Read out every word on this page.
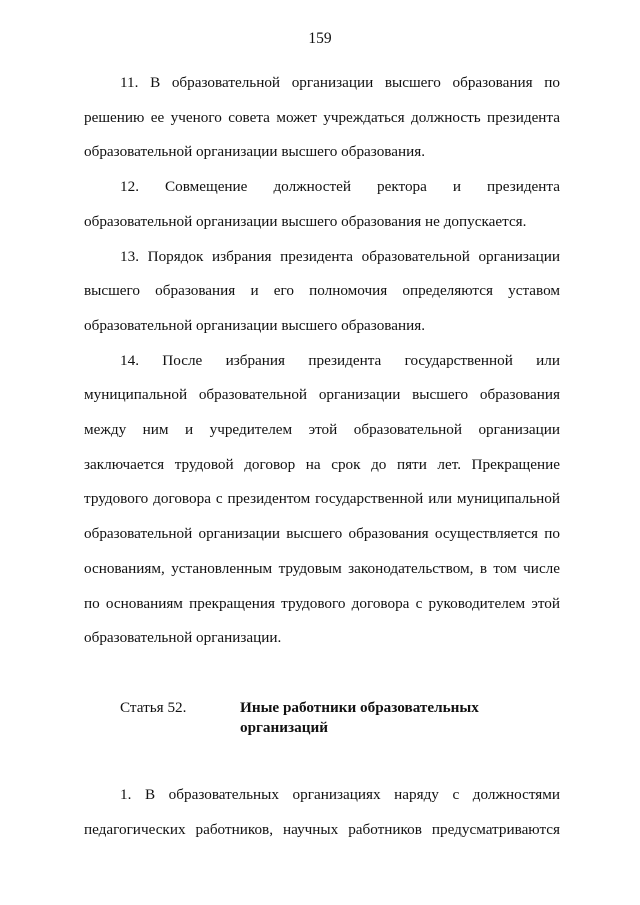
159

11. В образовательной организации высшего образования по решению ее ученого совета может учреждаться должность президента образовательной организации высшего образования.

12. Совмещение должностей ректора и президента образовательной организации высшего образования не допускается.

13. Порядок избрания президента образовательной организации высшего образования и его полномочия определяются уставом образовательной организации высшего образования.

14. После избрания президента государственной или муниципальной образовательной организации высшего образования между ним и учредителем этой образовательной организации заключается трудовой договор на срок до пяти лет. Прекращение трудового договора с президентом государственной или муниципальной образовательной организации высшего образования осуществляется по основаниям, установленным трудовым законодательством, в том числе по основаниям прекращения трудового договора с руководителем этой образовательной организации.

Статья 52.	Иные работники образовательных
организаций

1. В образовательных организациях наряду с должностями педагогических работников, научных работников предусматриваются
